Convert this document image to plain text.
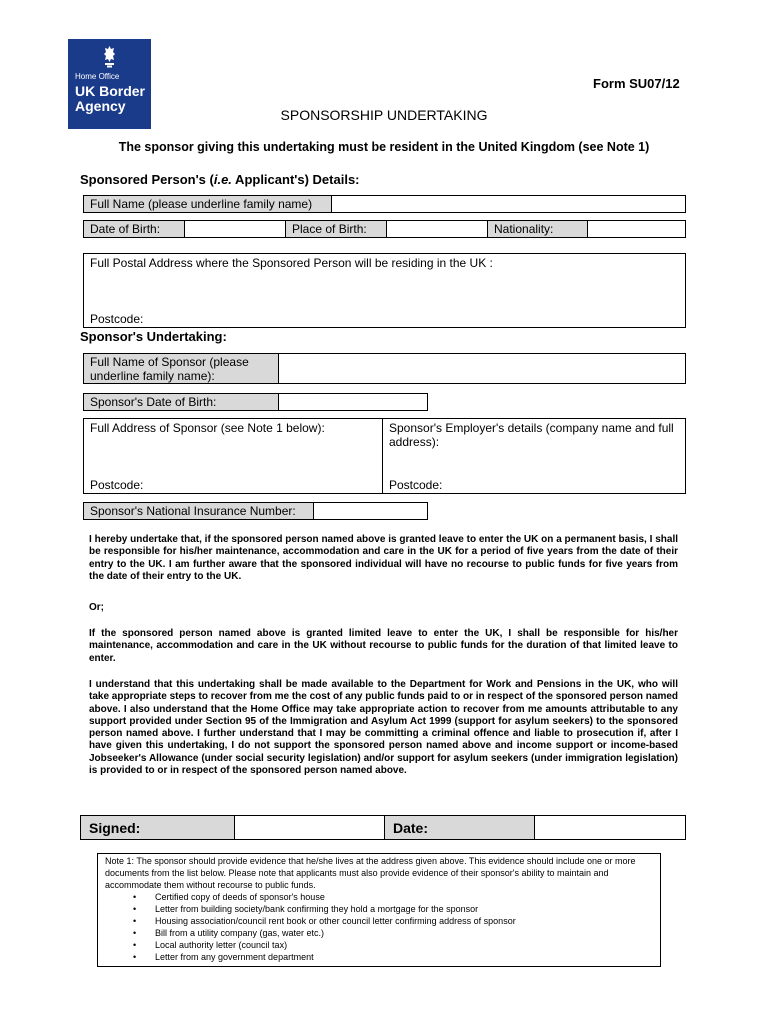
Home Office
UK Border
Agency
Form SU07/12
SPONSORSHIP UNDERTAKING
The sponsor giving this undertaking must be resident in the United Kingdom (see Note 1)
Sponsored Person's (i.e. Applicant's) Details:
Full Name (please underline family name)
Date of Birth:	Place of Birth:	Nationality:
Full Postal Address where the Sponsored Person will be residing in the UK :
Postcode:
Sponsor's Undertaking:
Full Name of Sponsor (please
underline family name):
Sponsor's Date of Birth:
Full Address of Sponsor (see Note 1 below):
Postcode:
Sponsor's Employer's details (company name and full address):
Postcode:
Sponsor's National Insurance Number:

I hereby undertake that, if the sponsored person named above is granted leave to enter the UK on a permanent basis, I shall be responsible for his/her maintenance, accommodation and care in the UK for a period of five years from the date of their entry to the UK. I am further aware that the sponsored individual will have no recourse to public funds for five years from the date of their entry to the UK.

Or;

If the sponsored person named above is granted limited leave to enter the UK, I shall be responsible for his/her maintenance, accommodation and care in the UK without recourse to public funds for the duration of that limited leave to enter.

I understand that this undertaking shall be made available to the Department for Work and Pensions in the UK, who will take appropriate steps to recover from me the cost of any public funds paid to or in respect of the sponsored person named above. I also understand that the Home Office may take appropriate action to recover from me amounts attributable to any support provided under Section 95 of the Immigration and Asylum Act 1999 (support for asylum seekers) to the sponsored person named above. I further understand that I may be committing a criminal offence and liable to prosecution if, after I have given this undertaking, I do not support the sponsored person named above and income support or income-based Jobseeker's Allowance (under social security legislation) and/or support for asylum seekers (under immigration legislation) is provided to or in respect of the sponsored person named above.

Signed:	Date:
Note 1: The sponsor should provide evidence that he/she lives at the address given above. This evidence should include one or more documents from the list below. Please note that applicants must also provide evidence of their sponsor's ability to maintain and accommodate them without recourse to public funds.
• Certified copy of deeds of sponsor's house
• Letter from building society/bank confirming they hold a mortgage for the sponsor
• Housing association/council rent book or other council letter confirming address of sponsor
• Bill from a utility company (gas, water etc.)
• Local authority letter (council tax)
• Letter from any government department
